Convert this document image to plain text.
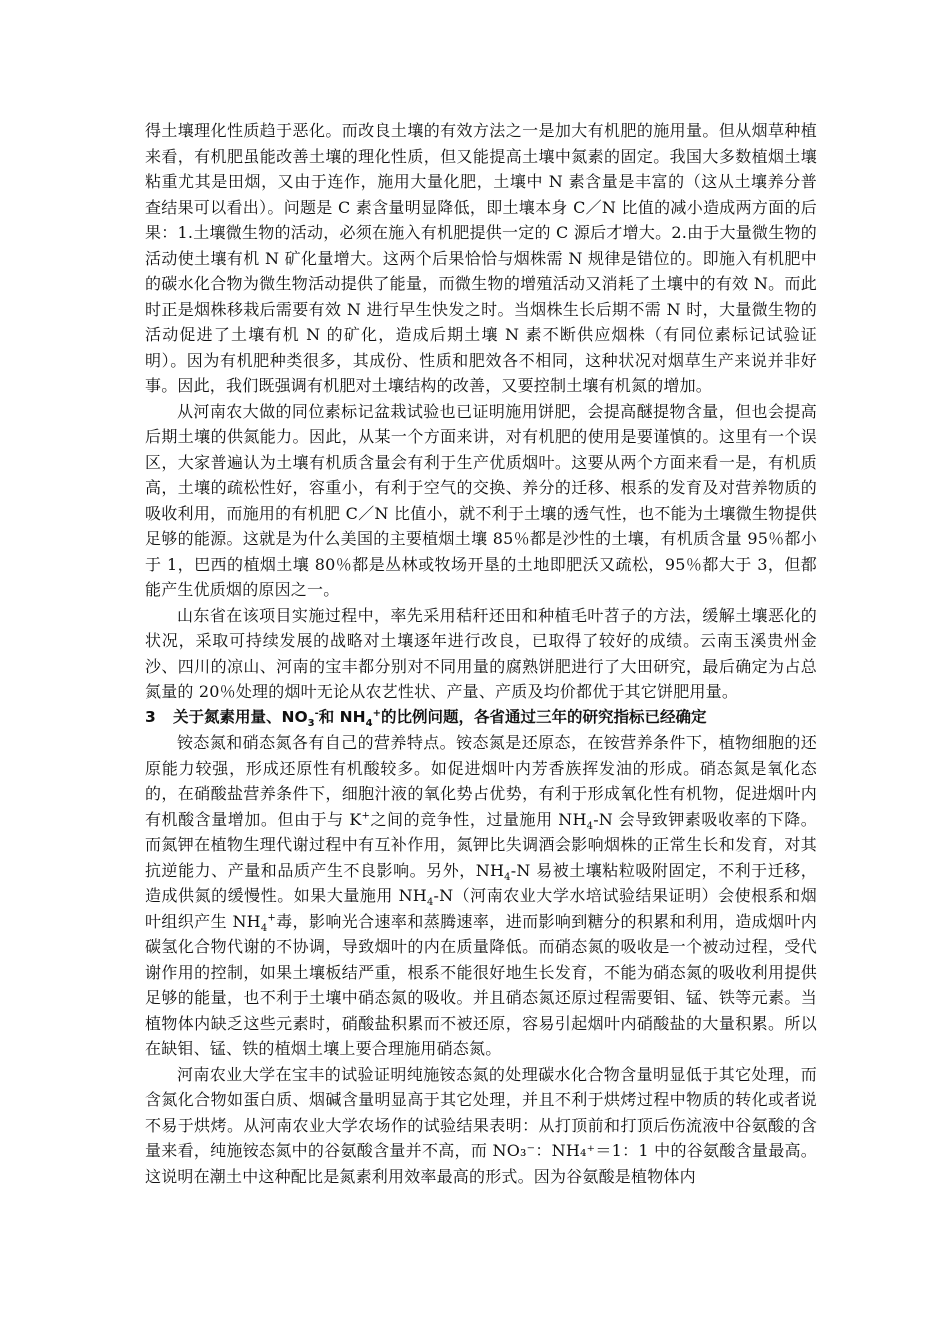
得土壤理化性质趋于恶化。而改良土壤的有效方法之一是加大有机肥的施用量。但从烟草种植来看，有机肥虽能改善土壤的理化性质，但又能提高土壤中氮素的固定。我国大多数植烟土壤粘重尤其是田烟，又由于连作，施用大量化肥，土壤中 N 素含量是丰富的（这从土壤养分普查结果可以看出）。问题是 C 素含量明显降低，即土壤本身 C／N 比值的减小造成两方面的后果：1.土壤微生物的活动，必须在施入有机肥提供一定的 C 源后才增大。2.由于大量微生物的活动使土壤有机 N 矿化量增大。这两个后果恰恰与烟株需 N 规律是错位的。即施入有机肥中的碳水化合物为微生物活动提供了能量，而微生物的增殖活动又消耗了土壤中的有效 N。而此时正是烟株移栽后需要有效 N 进行早生快发之时。当烟株生长后期不需 N 时，大量微生物的活动促进了土壤有机 N 的矿化，造成后期土壤 N 素不断供应烟株（有同位素标记试验证明）。因为有机肥种类很多，其成份、性质和肥效各不相同，这种状况对烟草生产来说并非好事。因此，我们既强调有机肥对土壤结构的改善，又要控制土壤有机氮的增加。

从河南农大做的同位素标记盆栽试验也已证明施用饼肥，会提高醚提物含量，但也会提高后期土壤的供氮能力。因此，从某一个方面来讲，对有机肥的使用是要谨慎的。这里有一个误区，大家普遍认为土壤有机质含量会有利于生产优质烟叶。这要从两个方面来看一是，有机质高，土壤的疏松性好，容重小，有利于空气的交换、养分的迁移、根系的发育及对营养物质的吸收利用，而施用的有机肥 C／N 比值小，就不利于土壤的透气性，也不能为土壤微生物提供足够的能源。这就是为什么美国的主要植烟土壤 85％都是沙性的土壤，有机质含量 95％都小于 1，巴西的植烟土壤 80％都是丛林或牧场开垦的土地即肥沃又疏松，95％都大于 3，但都能产生优质烟的原因之一。

山东省在该项目实施过程中，率先采用秸秆还田和种植毛叶苕子的方法，缓解土壤恶化的状况，采取可持续发展的战略对土壤逐年进行改良，已取得了较好的成绩。云南玉溪贵州金沙、四川的凉山、河南的宝丰都分别对不同用量的腐熟饼肥进行了大田研究，最后确定为占总氮量的 20％处理的烟叶无论从农艺性状、产量、产质及均价都优于其它饼肥用量。

3 关于氮素用量、$NO_3^-$和 $NH_4^+$的比例问题，各省通过三年的研究指标已经确定

铵态氮和硝态氮各有自己的营养特点。铵态氮是还原态，在铵营养条件下，植物细胞的还原能力较强，形成还原性有机酸较多。如促进烟叶内芳香族挥发油的形成。硝态氮是氧化态的，在硝酸盐营养条件下，细胞汁液的氧化势占优势，有利于形成氧化性有机物，促进烟叶内有机酸含量增加。但由于与 K+之间的竞争性，过量施用 $NH_4-N$ 会导致钾素吸收率的下降。而氮钾在植物生理代谢过程中有互补作用，氮钾比失调酒会影响烟株的正常生长和发育，对其抗逆能力、产量和品质产生不良影响。另外，$NH_4-N$ 易被土壤粘粒吸附固定，不利于迁移，造成供氮的缓慢性。如果大量施用 $NH_4-N$（河南农业大学水培试验结果证明）会使根系和烟叶组织产生 $NH_4^+$毒，影响光合速率和蒸腾速率，进而影响到糖分的积累和利用，造成烟叶内碳氢化合物代谢的不协调，导致烟叶的内在质量降低。而硝态氮的吸收是一个被动过程，受代谢作用的控制，如果土壤板结严重，根系不能很好地生长发育，不能为硝态氮的吸收利用提供足够的能量，也不利于土壤中硝态氮的吸收。并且硝态氮还原过程需要钼、锰、铁等元素。当植物体内缺乏这些元素时，硝酸盐积累而不被还原，容易引起烟叶内硝酸盐的大量积累。所以在缺钼、锰、铁的植烟土壤上要合理施用硝态氮。

河南农业大学在宝丰的试验证明纯施铵态氮的处理碳水化合物含量明显低于其它处理，而含氮化合物如蛋白质、烟碱含量明显高于其它处理，并且不利于烘烤过程中物质的转化或者说不易于烘烤。从河南农业大学农场作的试验结果表明：从打顶前和打顶后伤流液中谷氨酸的含量来看，纯施铵态氮中的谷氨酸含量并不高，而 NO₃⁻：NH₄⁺＝1：1 中的谷氨酸含量最高。这说明在潮土中这种配比是氮素利用效率最高的形式。因为谷氨酸是植物体内
